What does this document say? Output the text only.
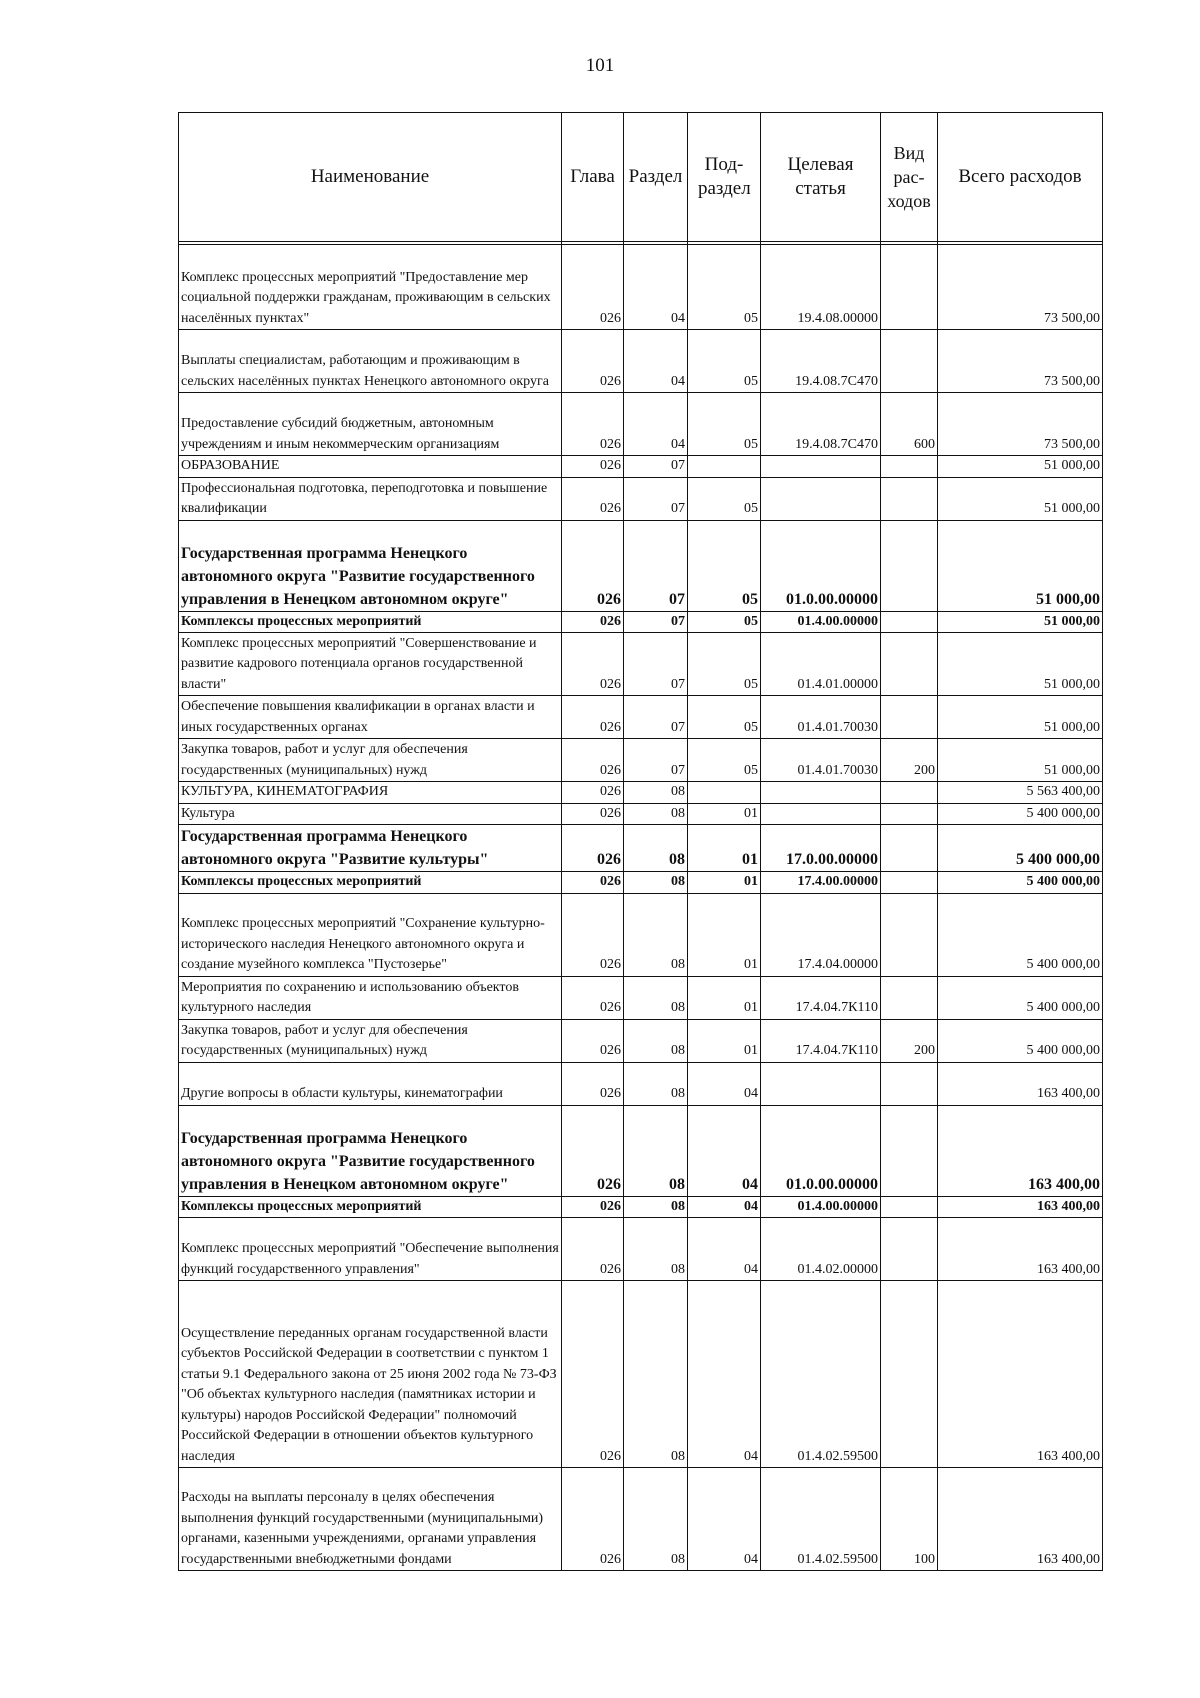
101
Наименование	Глава	Раздел	Под-раздел	Целевая статья	Вид рас-ходов	Всего расходов

Комплекс процессных мероприятий "Предоставление мер социальной поддержки гражданам, проживающим в сельских населённых пунктах"	026	04	05	19.4.08.00000		73 500,00
Выплаты специалистам, работающим и проживающим в сельских населённых пунктах Ненецкого автономного округа	026	04	05	19.4.08.7С470		73 500,00
Предоставление субсидий бюджетным, автономным учреждениям и иным некоммерческим организациям	026	04	05	19.4.08.7С470	600	73 500,00
ОБРАЗОВАНИЕ	026	07				51 000,00
Профессиональная подготовка, переподготовка и повышение квалификации	026	07	05			51 000,00
Государственная программа Ненецкого автономного округа "Развитие государственного управления в Ненецком автономном округе"	026	07	05	01.0.00.00000		51 000,00
Комплексы процессных мероприятий	026	07	05	01.4.00.00000		51 000,00
Комплекс процессных мероприятий "Совершенствование и развитие кадрового потенциала органов государственной власти"	026	07	05	01.4.01.00000		51 000,00
Обеспечение повышения квалификации в органах власти и иных государственных органах	026	07	05	01.4.01.70030		51 000,00
Закупка товаров, работ и услуг для обеспечения государственных (муниципальных) нужд	026	07	05	01.4.01.70030	200	51 000,00
КУЛЬТУРА, КИНЕМАТОГРАФИЯ	026	08				5 563 400,00
Культура	026	08	01			5 400 000,00
Государственная программа Ненецкого автономного округа "Развитие культуры"	026	08	01	17.0.00.00000		5 400 000,00
Комплексы процессных мероприятий	026	08	01	17.4.00.00000		5 400 000,00
Комплекс процессных мероприятий "Сохранение культурно-исторического наследия Ненецкого автономного округа и создание музейного комплекса "Пустозерье"	026	08	01	17.4.04.00000		5 400 000,00
Мероприятия по сохранению и использованию объектов культурного наследия	026	08	01	17.4.04.7К110		5 400 000,00
Закупка товаров, работ и услуг для обеспечения государственных (муниципальных) нужд	026	08	01	17.4.04.7К110	200	5 400 000,00
Другие вопросы в области культуры, кинематографии	026	08	04			163 400,00
Государственная программа Ненецкого автономного округа "Развитие государственного управления в Ненецком автономном округе"	026	08	04	01.0.00.00000		163 400,00
Комплексы процессных мероприятий	026	08	04	01.4.00.00000		163 400,00
Комплекс процессных мероприятий "Обеспечение выполнения функций государственного управления"	026	08	04	01.4.02.00000		163 400,00
Осуществление переданных органам государственной власти субъектов Российской Федерации в соответствии с пунктом 1 статьи 9.1 Федерального закона от 25 июня 2002 года № 73-ФЗ "Об объектах культурного наследия (памятниках истории и культуры) народов Российской Федерации" полномочий Российской Федерации в отношении объектов культурного наследия	026	08	04	01.4.02.59500		163 400,00
Расходы на выплаты персоналу в целях обеспечения выполнения функций государственными (муниципальными) органами, казенными учреждениями, органами управления государственными внебюджетными фондами	026	08	04	01.4.02.59500	100	163 400,00
